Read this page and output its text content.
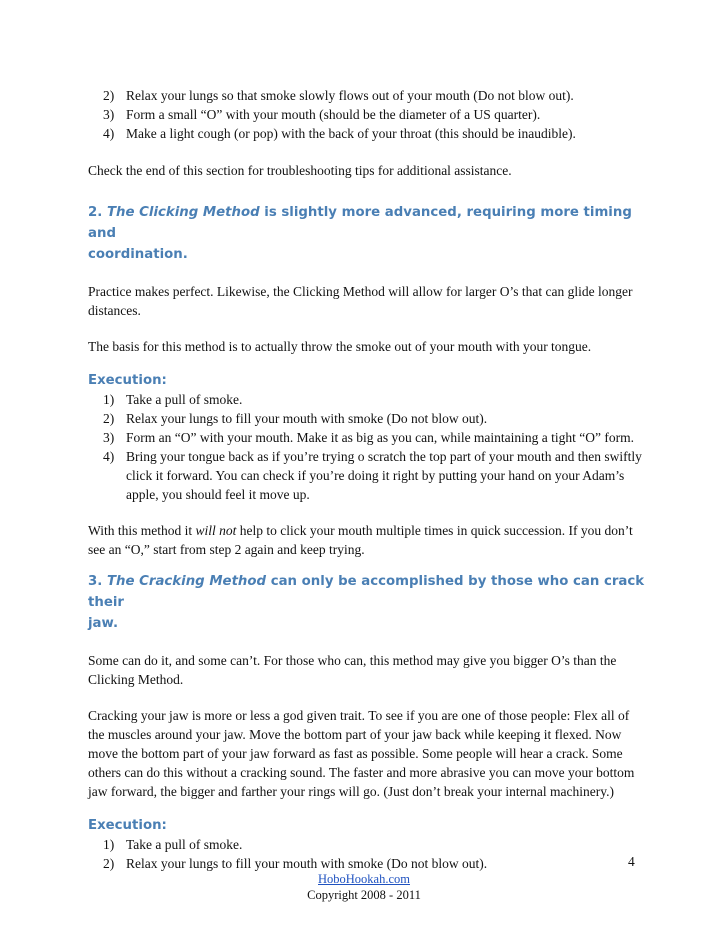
2) Relax your lungs so that smoke slowly flows out of your mouth (Do not blow out).
3) Form a small “O” with your mouth (should be the diameter of a US quarter).
4) Make a light cough (or pop) with the back of your throat (this should be inaudible).

Check the end of this section for troubleshooting tips for additional assistance.

2. The Clicking Method is slightly more advanced, requiring more timing and
coordination.

Practice makes perfect. Likewise, the Clicking Method will allow for larger O’s that can glide longer distances.

The basis for this method is to actually throw the smoke out of your mouth with your tongue.

Execution:
1) Take a pull of smoke.
2) Relax your lungs to fill your mouth with smoke (Do not blow out).
3) Form an “O” with your mouth. Make it as big as you can, while maintaining a tight “O” form.
4) Bring your tongue back as if you’re trying o scratch the top part of your mouth and then swiftly click it forward. You can check if you’re doing it right by putting your hand on your Adam’s apple, you should feel it move up.

With this method it will not help to click your mouth multiple times in quick succession. If you don’t see an “O,” start from step 2 again and keep trying.

3. The Cracking Method can only be accomplished by those who can crack their
jaw.

Some can do it, and some can’t. For those who can, this method may give you bigger O’s than the Clicking Method.

Cracking your jaw is more or less a god given trait. To see if you are one of those people: Flex all of the muscles around your jaw. Move the bottom part of your jaw back while keeping it flexed. Now move the bottom part of your jaw forward as fast as possible. Some people will hear a crack. Some others can do this without a cracking sound. The faster and more abrasive you can move your bottom jaw forward, the bigger and farther your rings will go. (Just don’t break your internal machinery.)

Execution:
1) Take a pull of smoke.
2) Relax your lungs to fill your mouth with smoke (Do not blow out).	4
HoboHookah.com
Copyright 2008 - 2011
